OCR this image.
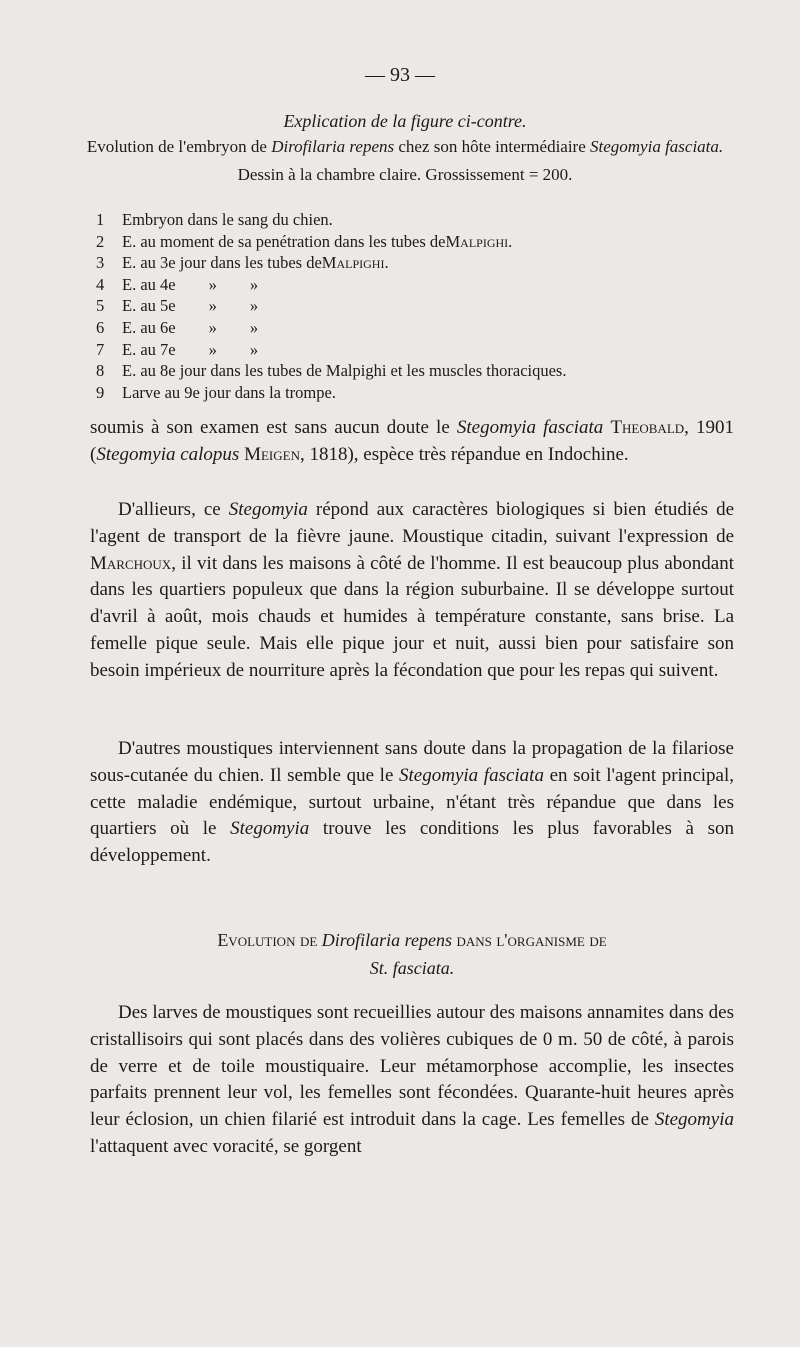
— 93 —
Explication de la figure ci-contre.
Evolution de l'embryon de Dirofilaria repens chez son hôte intermédiaire Stegomyia fasciata.
Dessin à la chambre claire. Grossissement = 200.
1	Embryon dans le sang du chien.
2	E. au moment de sa penétration dans les tubes de Malpighi.
3	E. au 3e jour dans les tubes de Malpighi.
4	E. au 4e        »        »
5	E. au 5e        »        »
6	E. au 6e        »        »
7	E. au 7e        »        »
8	E. au 8e jour dans les tubes de Malpighi et les muscles thoraciques.
9	Larve au 9e jour dans la trompe.
soumis à son examen est sans aucun doute le Stegomyia fasciata Theobald, 1901 (Stegomyia calopus Meigen, 1818), espèce très répandue en Indochine.
D'allieurs, ce Stegomyia répond aux caractères biologiques si bien étudiés de l'agent de transport de la fièvre jaune. Moustique citadin, suivant l'expression de Marchoux, il vit dans les maisons à côté de l'homme. Il est beaucoup plus abondant dans les quartiers populeux que dans la région suburbaine. Il se développe surtout d'avril à août, mois chauds et humides à température constante, sans brise. La femelle pique seule. Mais elle pique jour et nuit, aussi bien pour satisfaire son besoin impérieux de nourriture après la fécondation que pour les repas qui suivent.
D'autres moustiques interviennent sans doute dans la propagation de la filariose sous-cutanée du chien. Il semble que le Stegomyia fasciata en soit l'agent principal, cette maladie endémique, surtout urbaine, n'étant très répandue que dans les quartiers où le Stegomyia trouve les conditions les plus favorables à son développement.
Evolution de Dirofilaria repens dans l'organisme de
St. fasciata.
Des larves de moustiques sont recueillies autour des maisons annamites dans des cristallisoirs qui sont placés dans des volières cubiques de 0 m. 50 de côté, à parois de verre et de toile moustiquaire. Leur métamorphose accomplie, les insectes parfaits prennent leur vol, les femelles sont fécondées. Quarante-huit heures après leur éclosion, un chien filarié est introduit dans la cage. Les femelles de Stegomyia l'attaquent avec voracité, se gorgent
